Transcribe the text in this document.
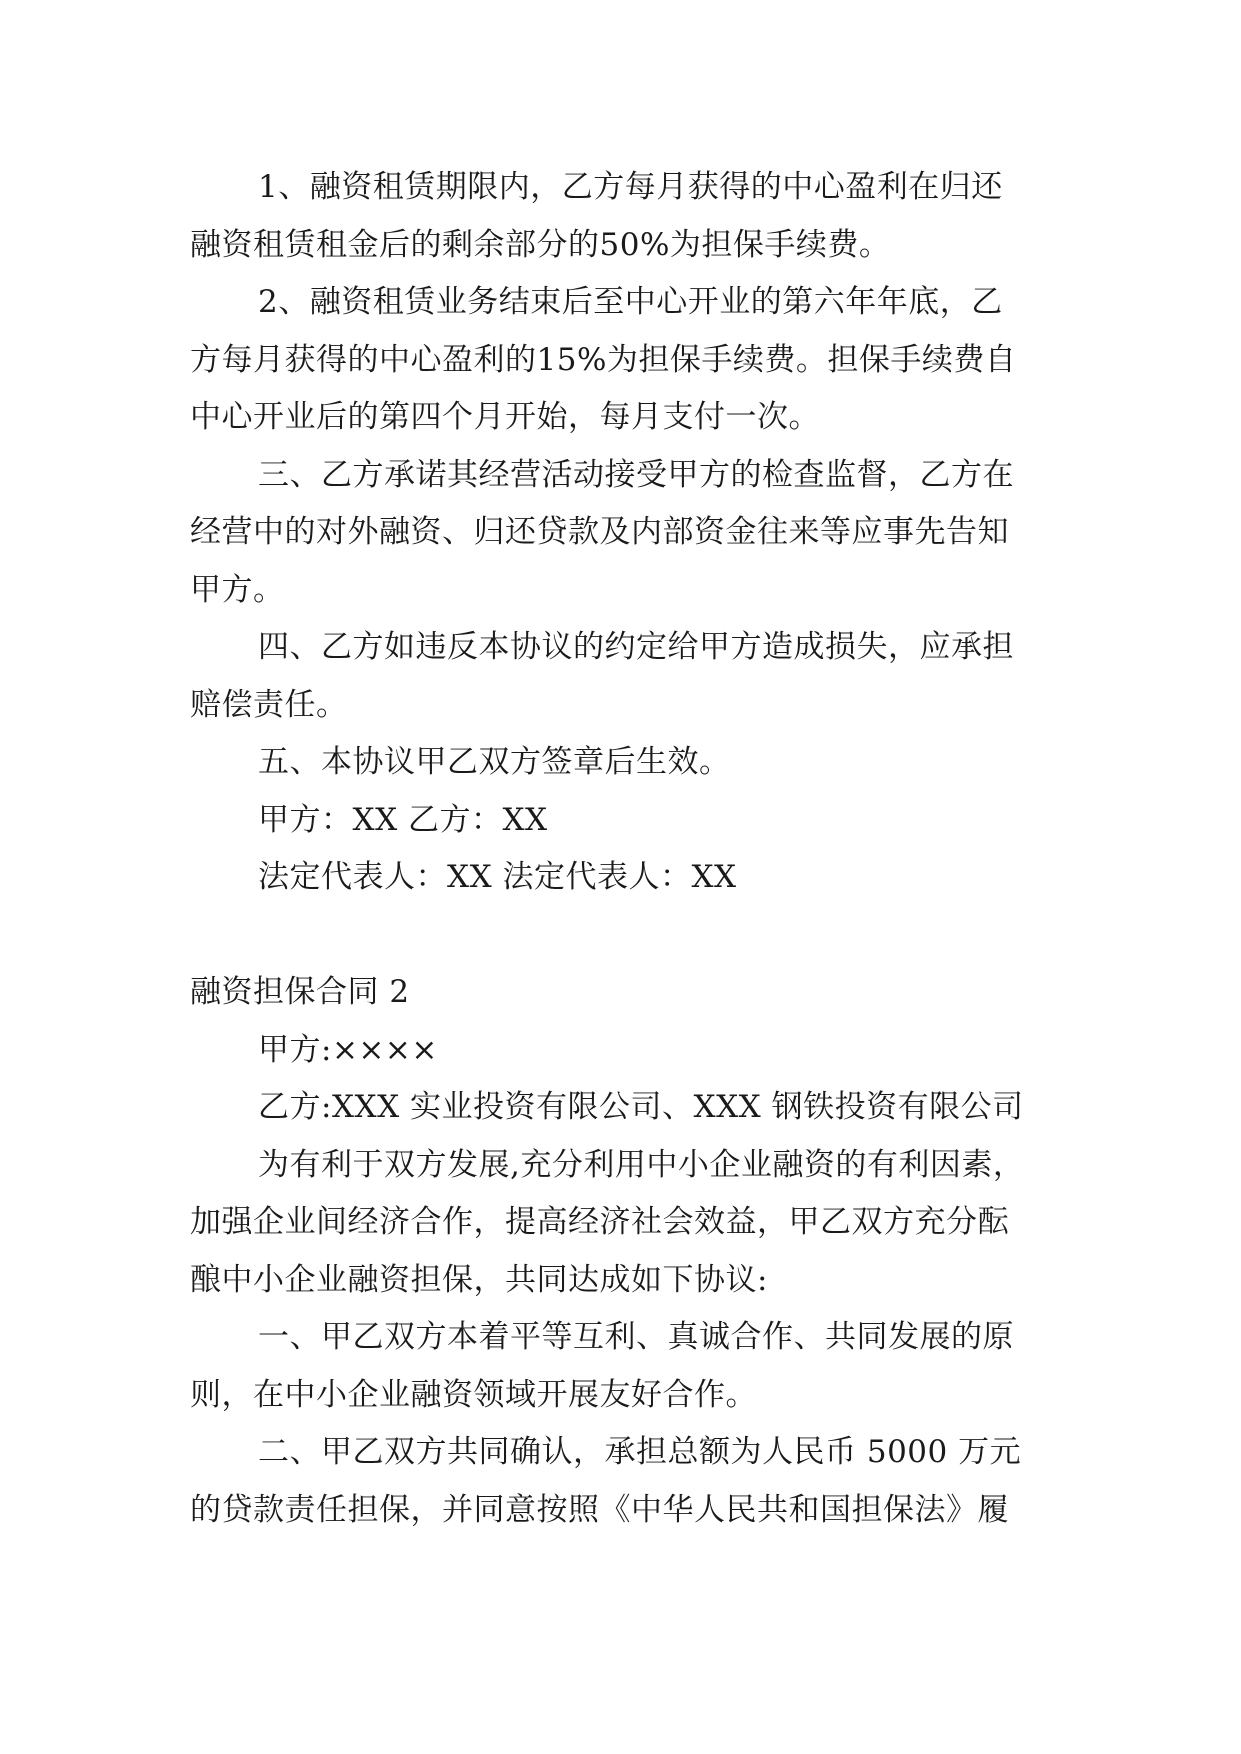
1、融资租赁期限内，乙方每月获得的中心盈利在归还
融资租赁租金后的剩余部分的50%为担保手续费。
2、融资租赁业务结束后至中心开业的第六年年底，乙
方每月获得的中心盈利的15%为担保手续费。担保手续费自
中心开业后的第四个月开始，每月支付一次。
三、乙方承诺其经营活动接受甲方的检查监督，乙方在
经营中的对外融资、归还贷款及内部资金往来等应事先告知
甲方。
四、乙方如违反本协议的约定给甲方造成损失，应承担
赔偿责任。
五、本协议甲乙双方签章后生效。
甲方：XX 乙方：XX
法定代表人：XX 法定代表人：XX
融资担保合同 2
甲方:××××
乙方:XXX 实业投资有限公司、XXX 钢铁投资有限公司
为有利于双方发展,充分利用中小企业融资的有利因素，
加强企业间经济合作，提高经济社会效益，甲乙双方充分酝
酿中小企业融资担保，共同达成如下协议:
一、甲乙双方本着平等互利、真诚合作、共同发展的原
则，在中小企业融资领域开展友好合作。
二、甲乙双方共同确认，承担总额为人民币 5000 万元
的贷款责任担保，并同意按照《中华人民共和国担保法》履
